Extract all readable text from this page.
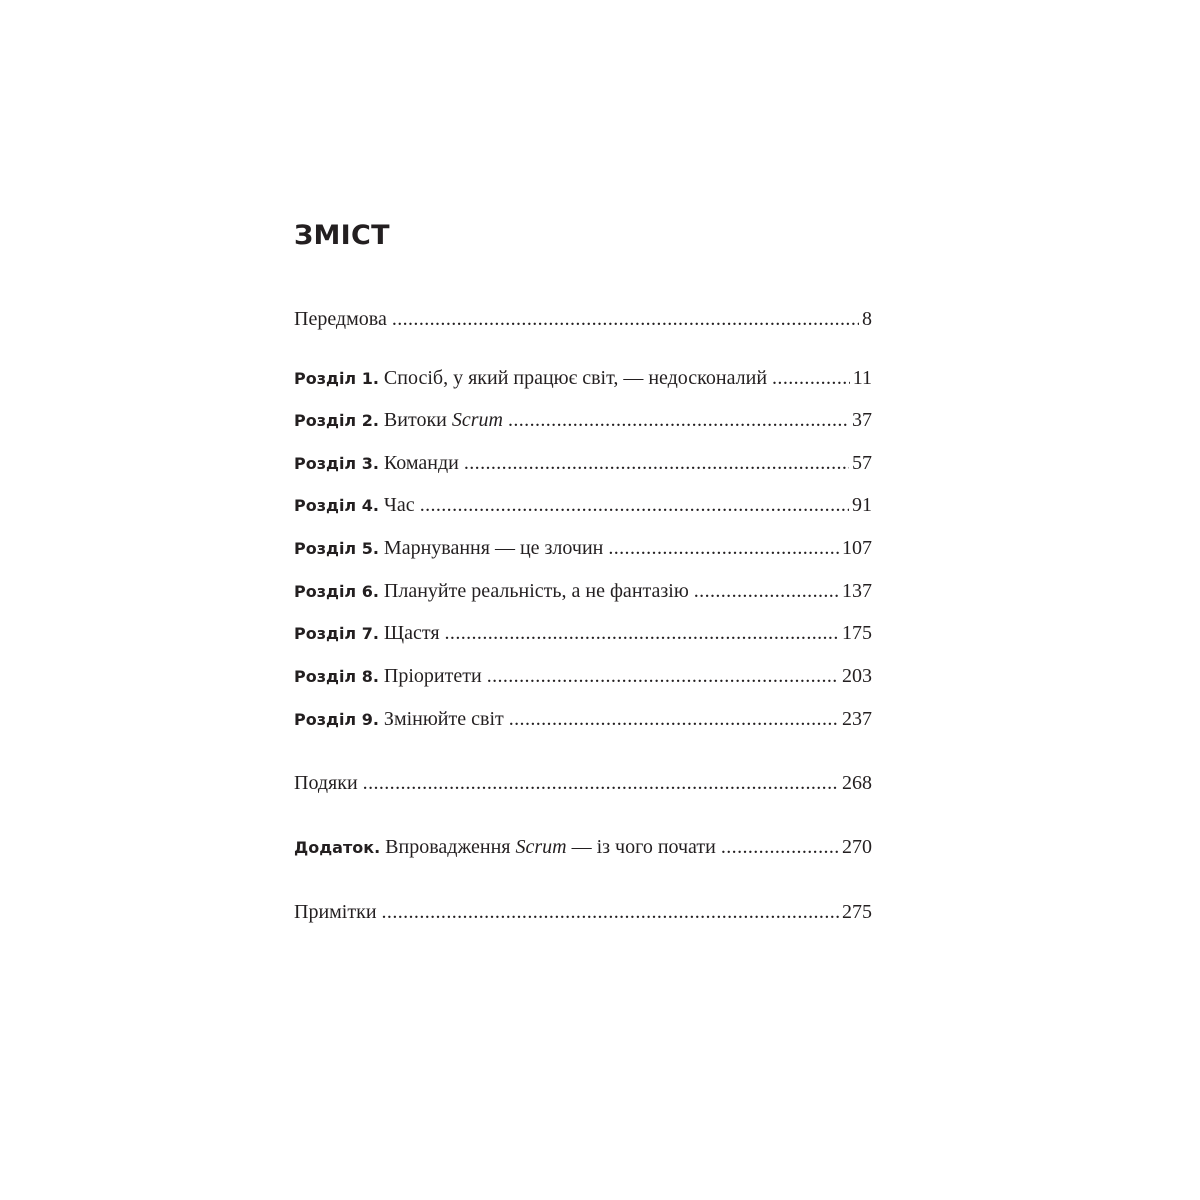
ЗМІСТ
Передмова .....	8
Розділ 1. Спосіб, у який працює світ, — недосконалий .....	11
Розділ 2. Витоки Scrum .....	37
Розділ 3. Команди .....	57
Розділ 4. Час .....	91
Розділ 5. Марнування — це злочин .....	107
Розділ 6. Плануйте реальність, а не фантазію .....	137
Розділ 7. Щастя .....	175
Розділ 8. Пріоритети .....	203
Розділ 9. Змінюйте світ .....	237
Подяки .....	268
Додаток. Впровадження Scrum — із чого почати .....	270
Примітки .....	275
